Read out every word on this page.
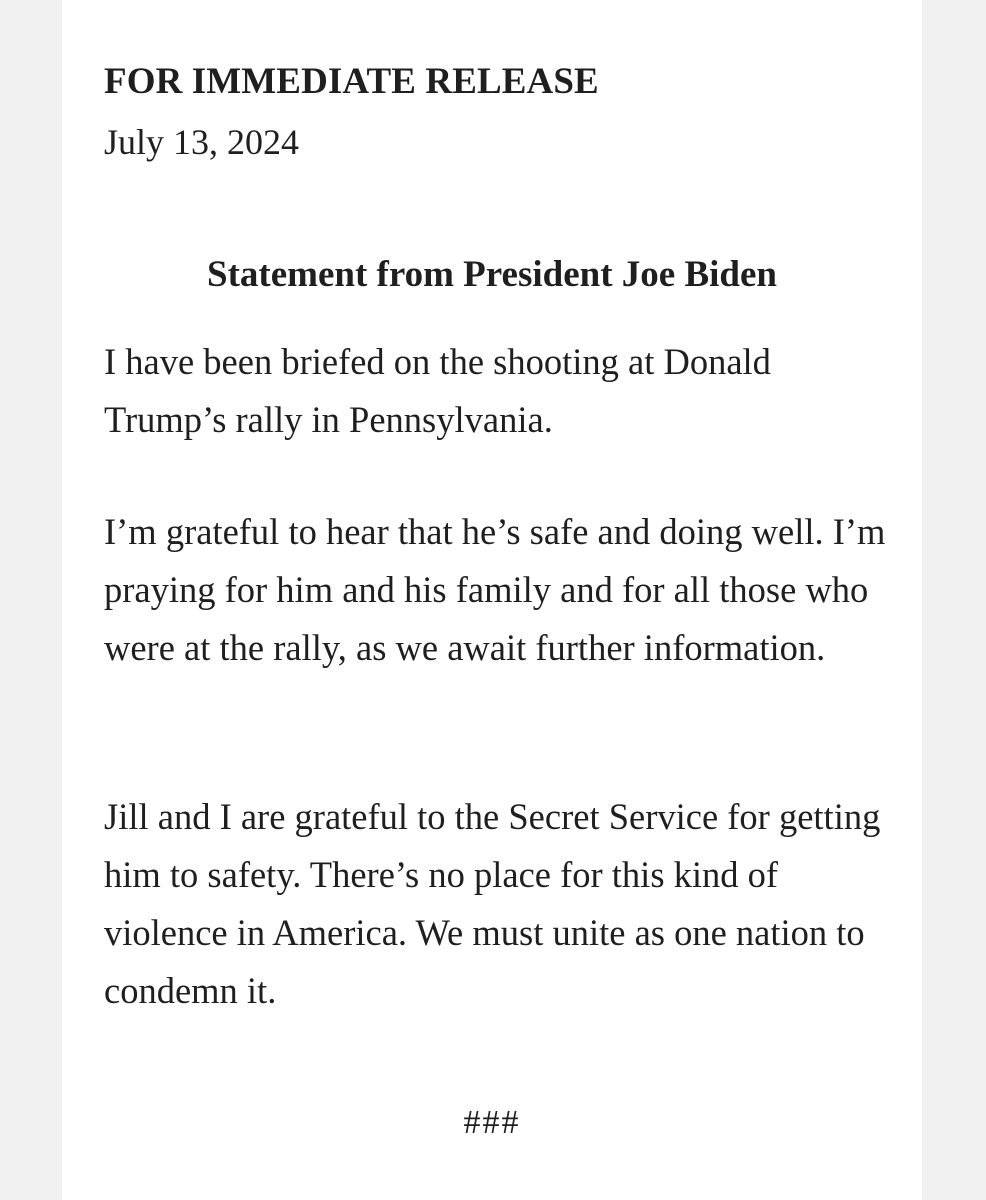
FOR IMMEDIATE RELEASE
July 13, 2024
Statement from President Joe Biden
I have been briefed on the shooting at Donald Trump’s rally in Pennsylvania.
I’m grateful to hear that he’s safe and doing well. I’m praying for him and his family and for all those who were at the rally, as we await further information.
Jill and I are grateful to the Secret Service for getting him to safety. There’s no place for this kind of violence in America. We must unite as one nation to condemn it.
###
